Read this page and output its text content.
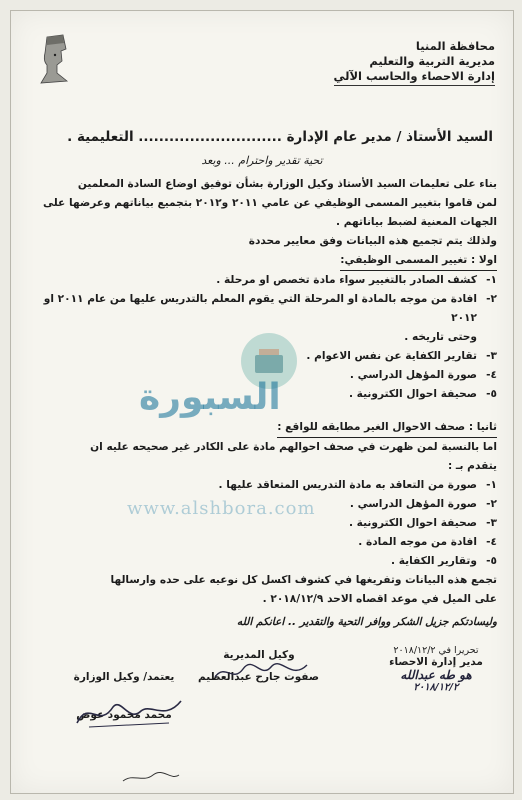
محافظة المنيا
مديرية التربية والتعليم
إدارة الاحصاء والحاسب الآلي
السيد الأستاذ / مدير عام الإدارة ............................ التعليمية .
تحية تقدير واحترام ... وبعد

بناء على تعليمات السيد الأستاذ وكيل الوزارة بشأن توفيق اوضاع السادة المعلمين

لمن قاموا بتغيير المسمى الوظيفي عن عامي ٢٠١١ و٢٠١٢ بتجميع بياناتهم وعرضها على

الجهات المعنية لضبط بياناتهم .

ولذلك يتم تجميع هذه البيانات وفق معايير محددة

اولا : تغيير المسمى الوظيفي:

١-
كشف الصادر بالتغيير سواء مادة تخصص او مرحلة .
٢-
افادة من موجه بالمادة او المرحلة التي يقوم المعلم بالتدريس عليها من عام ٢٠١١ او ٢٠١٢
وحتى تاريخه .
٣-
تقارير الكفاية عن نفس الاعوام .
٤-
صورة المؤهل الدراسي .
٥-
صحيفة احوال الكترونية .

ثانيا : صحف الاحوال الغير مطابقه للواقع :

اما بالنسبة لمن ظهرت في صحف احوالهم مادة على الكادر غير صحيحه عليه ان

يتقدم بـ :

١-
صورة من التعاقد به مادة التدريس المتعاقد عليها .
٢-
صورة المؤهل الدراسي .
٣-
صحيفة احوال الكترونية .
٤-
افادة من موجه المادة .
٥-
وتقارير الكفاية .

تجمع هذه البيانات وتفريغها في كشوف اكسل كل نوعيه على حده وارسالها

على الميل في موعد اقصاه الاحد ٢٠١٨/١٢/٩ .

وليسادتكم جزيل الشكر ووافر التحية والتقدير .. اعانكم الله

السبورة
www.alshbora.com
تحريرا في ٢٠١٨/١٢/٢
مدير إدارة الاحصاء
هو طه عبدالله
٢٠١٨/١٢/٢
وكيل المديرية
صفوت جارح عبدالعظيم
يعتمد/ وكيل الوزارة
محمد محمود عوض
